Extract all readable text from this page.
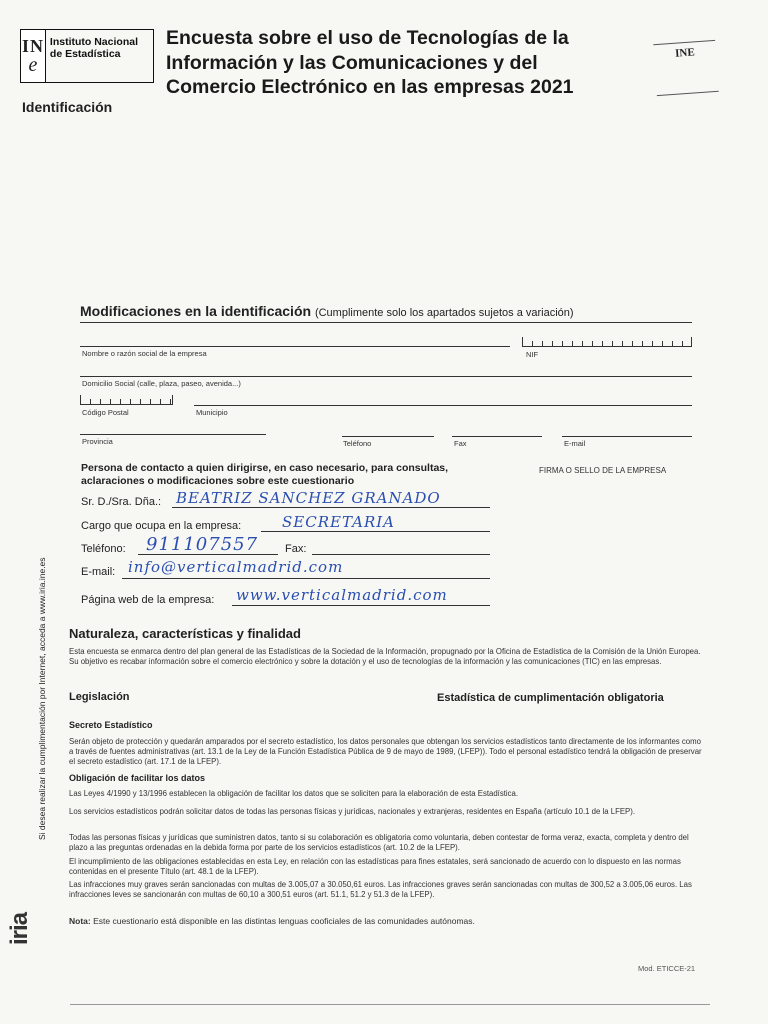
IN
e
Instituto Nacional de Estadística
Encuesta sobre el uso de Tecnologías de la
Información y las Comunicaciones y del
Comercio Electrónico en las empresas 2021
INE
Identificación
Modificaciones en la identificación (Cumplimente solo los apartados sujetos a variación)
Nombre o razón social de la empresa	NIF
Domicilio Social (calle, plaza, paseo, avenida...)
Código Postal	Municipio
Provincia	Teléfono	Fax	E-mail
Persona de contacto a quien dirigirse, en caso necesario, para consultas, aclaraciones o modificaciones sobre este cuestionario
FIRMA O SELLO DE LA EMPRESA
Sr. D./Sra. Dña.: BEATRIZ SANCHEZ GRANADO
Cargo que ocupa en la empresa:	SECRETARIA
Teléfono: 911107557 Fax:
E-mail: info@verticalmadrid.com
Página web de la empresa: www.verticalmadrid.com
Naturaleza, características y finalidad
Esta encuesta se enmarca dentro del plan general de las Estadísticas de la Sociedad de la Información, propugnado por la Oficina de Estadística de la Comisión de la Unión Europea. Su objetivo es recabar información sobre el comercio electrónico y sobre la dotación y el uso de tecnologías de la información y las comunicaciones (TIC) en las empresas.
Legislación	Estadística de cumplimentación obligatoria
Secreto Estadístico
Serán objeto de protección y quedarán amparados por el secreto estadístico, los datos personales que obtengan los servicios estadísticos tanto directamente de los informantes como a través de fuentes administrativas (art. 13.1 de la Ley de la Función Estadística Pública de 9 de mayo de 1989, (LFEP)). Todo el personal estadístico tendrá la obligación de preservar el secreto estadístico (art. 17.1 de la LFEP).
Obligación de facilitar los datos
Las Leyes 4/1990 y 13/1996 establecen la obligación de facilitar los datos que se soliciten para la elaboración de esta Estadística.
Los servicios estadísticos podrán solicitar datos de todas las personas físicas y jurídicas, nacionales y extranjeras, residentes en España (artículo 10.1 de la LFEP).
Todas las personas físicas y jurídicas que suministren datos, tanto si su colaboración es obligatoria como voluntaria, deben contestar de forma veraz, exacta, completa y dentro del plazo a las preguntas ordenadas en la debida forma por parte de los servicios estadísticos (art. 10.2 de la LFEP).
El incumplimiento de las obligaciones establecidas en esta Ley, en relación con las estadísticas para fines estatales, será sancionado de acuerdo con lo dispuesto en las normas contenidas en el presente Título (art. 48.1 de la LFEP).
Las infracciones muy graves serán sancionadas con multas de 3.005,07 a 30.050,61 euros. Las infracciones graves serán sancionadas con multas de 300,52 a 3.005,06 euros. Las infracciones leves se sancionarán con multas de 60,10 a 300,51 euros (art. 51.1, 51.2 y 51.3 de la LFEP).
Nota: Este cuestionario está disponible en las distintas lenguas cooficiales de las comunidades autónomas.
Si desea realizar la cumplimentación por Internet, acceda a www.iria.ine.es
iria
Mod. ETICCE-21
